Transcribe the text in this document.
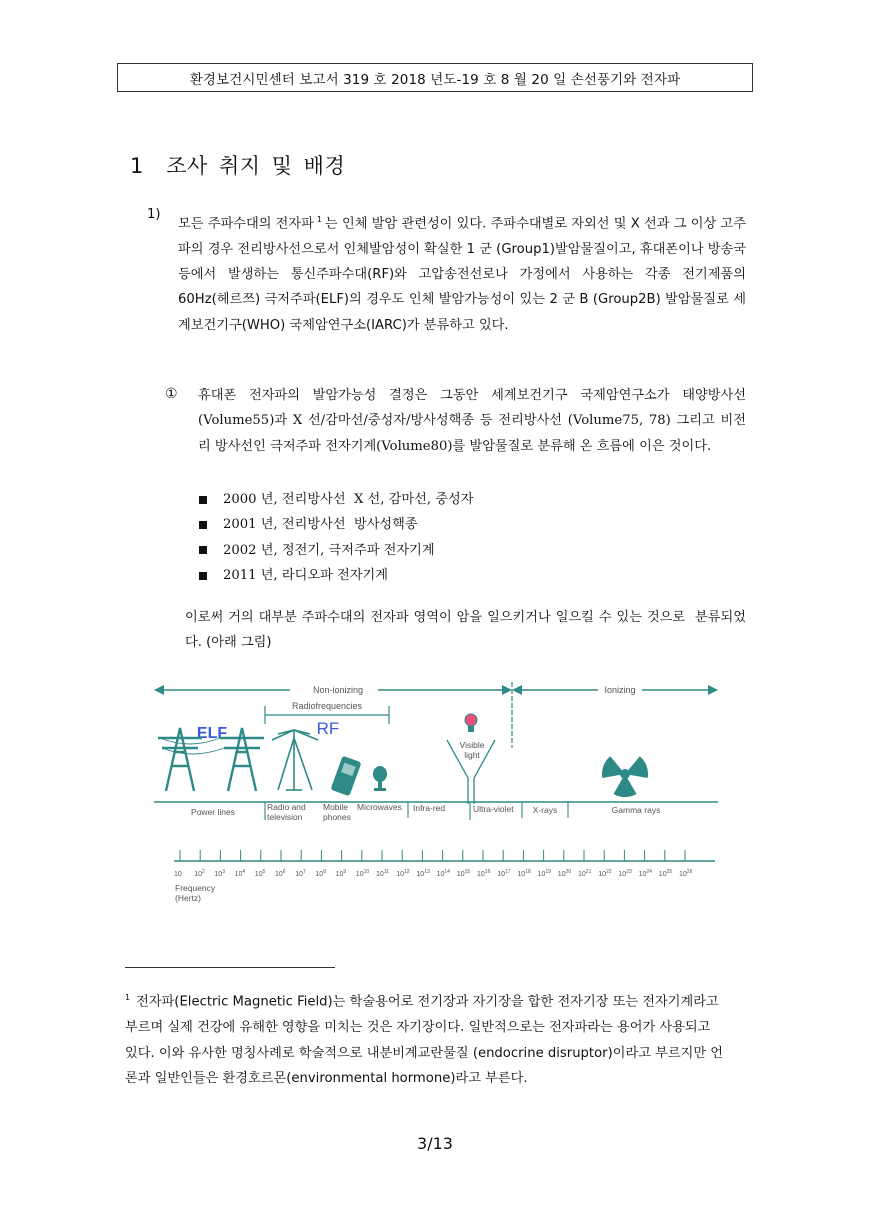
환경보건시민센터 보고서 319 호 2018 년도-19 호 8 월 20 일 손선풍기와 전자파
1  조사 취지 및 배경
1)
모든 주파수대의 전자파 $^1$ 는 인체 발암 관련성이 있다. 주파수대별로 자외선 및 X 선과 그 이상 고주파의 경우 전리방사선으로서 인체발암성이 확실한 1 군 (Group1)발암물질이고, 휴대폰이나 방송국 등에서 발생하는 통신주파수대(RF)와 고압송전선로나 가정에서 사용하는 각종 전기제품의 60Hz(헤르쯔) 극저주파(ELF)의 경우도 인체 발암가능성이 있는 2 군 B (Group2B) 발암물질로 세계보건기구(WHO) 국제암연구소(IARC)가 분류하고 있다.
① 휴대폰 전자파의 발암가능성 결정은 그동안 세계보건기구 국제암연구소가 태양방사선(Volume55)과 X 선/감마선/중성자/방사성핵종 등 전리방사선 (Volume75, 78) 그리고 비전리 방사선인 극저주파 전자기계(Volume80)를 발암물질로 분류해 온 흐름에 이은 것이다.
2000 년, 전리방사선  X 선, 감마선, 중성자
2001 년, 전리방사선  방사성핵종
2002 년, 정전기, 극저주파 전자기계
2011 년, 라디오파 전자기계
이로써 거의 대부분 주파수대의 전자파 영역이 암을 일으키거나 일으킬 수 있는 것으로  분류되었다. (아래 그림)
Non-ionizing	Ionizing
Radiofrequencies
ELF	RF
Visible
light
Power lines	Radio and
television
Mobile
phones
Microwaves Infra-red	Ultra-violet X-rays	Gamma rays
10 $10^2$ $10^3$ $10^4$ $10^5$ $10^6$ $10^7$ $10^8$ $10^9$ $10^{10}$ $10^{11}$ $10^{12}$ $10^{13}$ $10^{14}$ $10^{15}$ $10^{16}$ $10^{17}$ $10^{18}$ $10^{19}$ $10^{20}$ $10^{21}$ $10^{22}$ $10^{23}$ $10^{24}$ $10^{25}$ $10^{26}$
Frequency
(Hertz)
$^1$ 전자파(Electric Magnetic Field)는 학술용어로 전기장과 자기장을 합한 전자기장 또는 전자기계라고 부르며 실제 건강에 유해한 영향을 미치는 것은 자기장이다. 일반적으로는 전자파라는 용어가 사용되고 있다. 이와 유사한 명칭사례로 학술적으로 내분비계교란물질 (endocrine disruptor)이라고 부르지만 언론과 일반인들은 환경호르몬(environmental hormone)라고 부른다.
3/13
